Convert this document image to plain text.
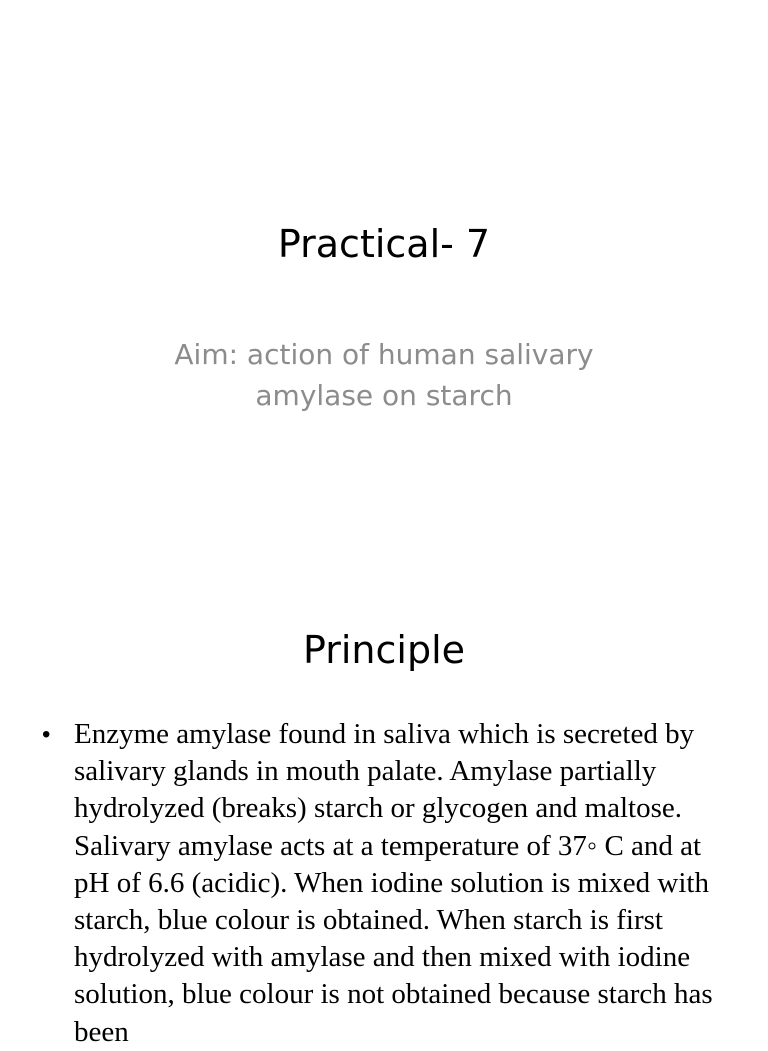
Practical- 7

Aim: action of human salivary amylase on starch

Principle
• Enzyme amylase found in saliva which is secreted by salivary glands in mouth palate. Amylase partially hydrolyzed (breaks) starch or glycogen and maltose. Salivary amylase acts at a temperature of 37◦ C and at pH of 6.6 (acidic). When iodine solution is mixed with starch, blue colour is obtained. When starch is first hydrolyzed with amylase and then mixed with iodine solution, blue colour is not obtained because starch has been
